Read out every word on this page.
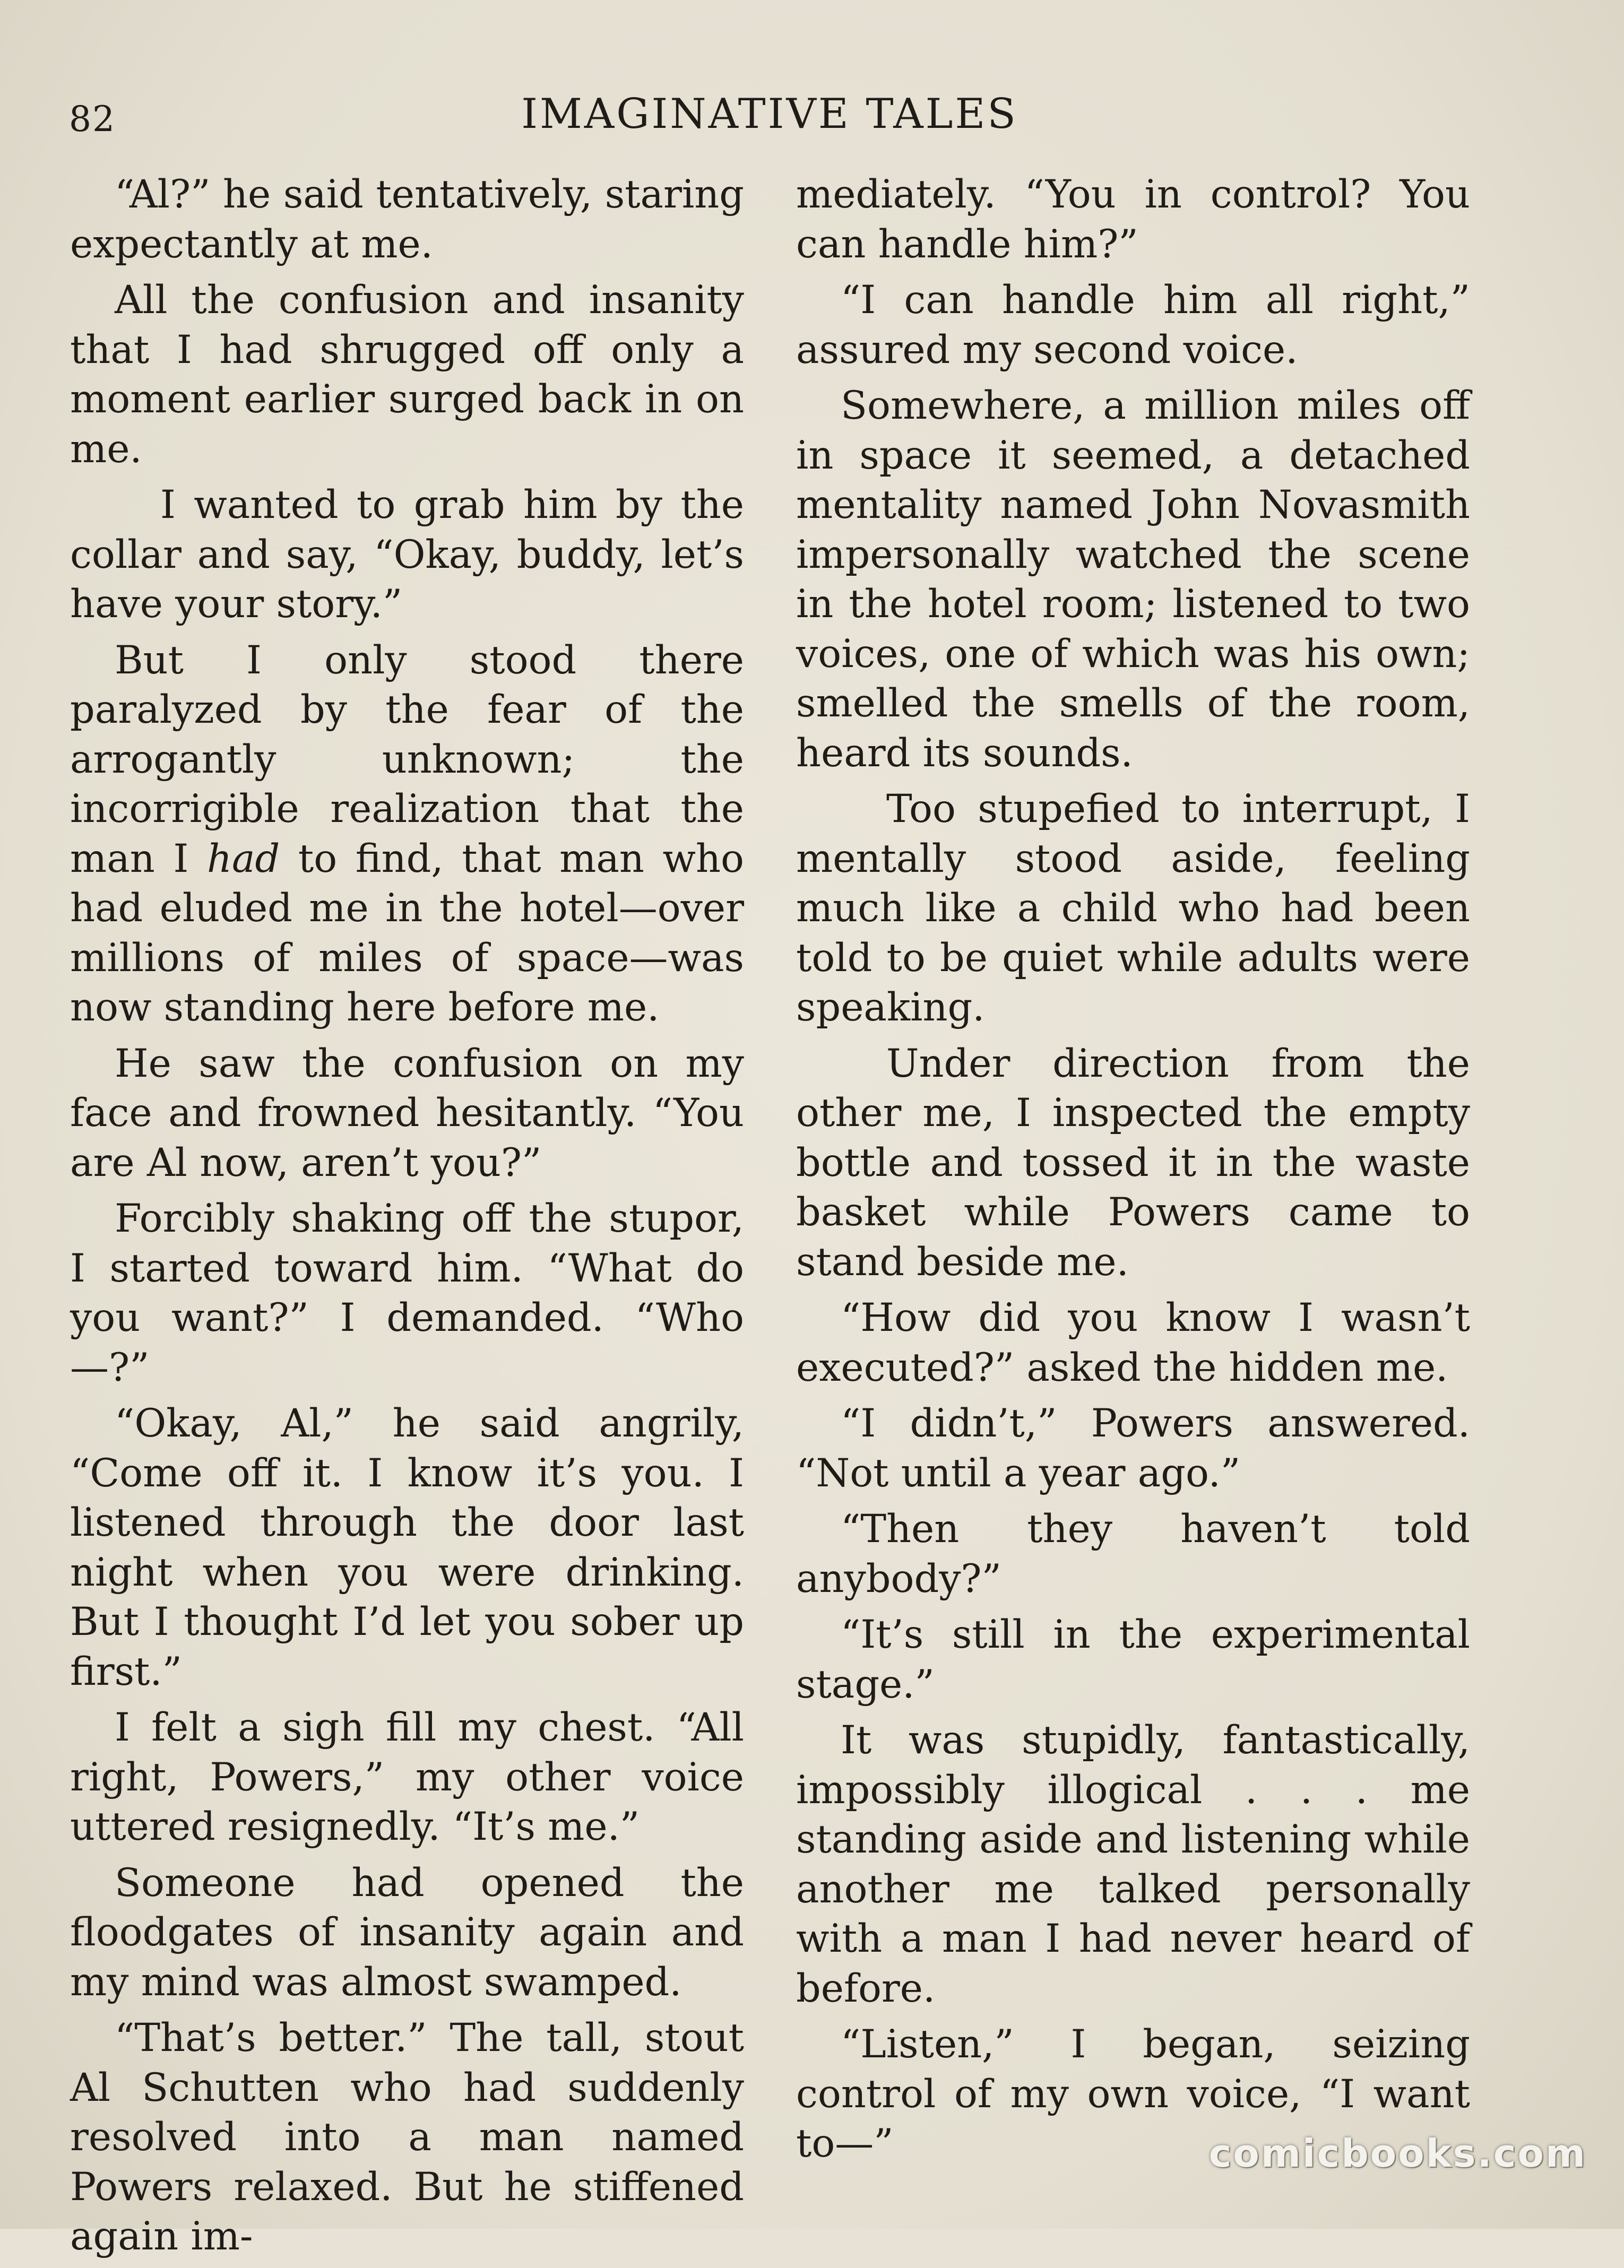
82	IMAGINATIVE TALES

“Al?” he said tentatively, staring expectantly at me.

All the confusion and insanity that I had shrugged off only a moment earlier surged back in on me.

I wanted to grab him by the collar and say, “Okay, buddy, let’s have your story.”

But I only stood there paralyzed by the fear of the arrogantly unknown; the incorrigible realization that the man I had to find, that man who had eluded me in the hotel—over millions of miles of space—was now standing here before me.

He saw the confusion on my face and frowned hesitantly. “You are Al now, aren’t you?”

Forcibly shaking off the stupor, I started toward him. “What do you want?” I demanded. “Who—?”

“Okay, Al,” he said angrily, “Come off it. I know it’s you. I listened through the door last night when you were drinking. But I thought I’d let you sober up first.”

I felt a sigh fill my chest. “All right, Powers,” my other voice uttered resignedly. “It’s me.”

Someone had opened the floodgates of insanity again and my mind was almost swamped.

“That’s better.” The tall, stout Al Schutten who had suddenly resolved into a man named Powers relaxed. But he stiffened again im-

mediately. “You in control? You can handle him?”

“I can handle him all right,” assured my second voice.

Somewhere, a million miles off in space it seemed, a detached mentality named John Novasmith impersonally watched the scene in the hotel room; listened to two voices, one of which was his own; smelled the smells of the room, heard its sounds.

Too stupefied to interrupt, I mentally stood aside, feeling much like a child who had been told to be quiet while adults were speaking.

Under direction from the other me, I inspected the empty bottle and tossed it in the waste basket while Powers came to stand beside me.

“How did you know I wasn’t executed?” asked the hidden me.

“I didn’t,” Powers answered. “Not until a year ago.”

“Then they haven’t told anybody?”

“It’s still in the experimental stage.”

It was stupidly, fantastically, impossibly illogical . . . me standing aside and listening while another me talked personally with a man I had never heard of before.

“Listen,” I began, seizing control of my own voice, “I want to—”	comicbooks.com
